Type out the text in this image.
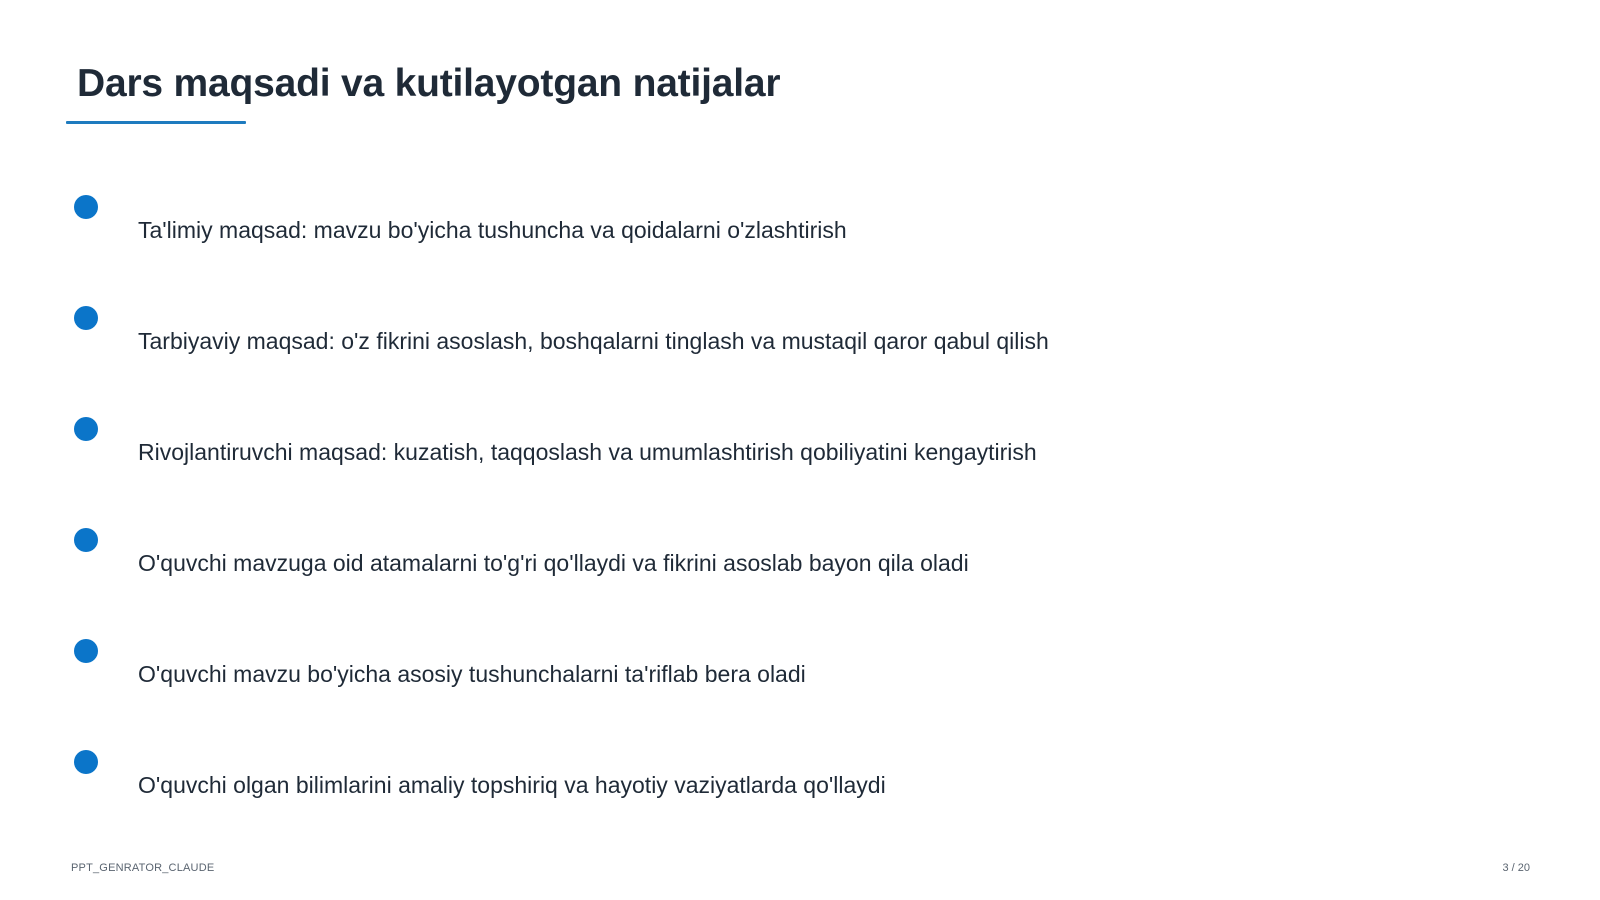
Dars maqsadi va kutilayotgan natijalar
Ta'limiy maqsad: mavzu bo'yicha tushuncha va qoidalarni o'zlashtirish
Tarbiyaviy maqsad: o'z fikrini asoslash, boshqalarni tinglash va mustaqil qaror qabul qilish
Rivojlantiruvchi maqsad: kuzatish, taqqoslash va umumlashtirish qobiliyatini kengaytirish
O'quvchi mavzuga oid atamalarni to'g'ri qo'llaydi va fikrini asoslab bayon qila oladi
O'quvchi mavzu bo'yicha asosiy tushunchalarni ta'riflab bera oladi
O'quvchi olgan bilimlarini amaliy topshiriq va hayotiy vaziyatlarda qo'llaydi
PPT_GENRATOR_CLAUDE	3 / 20
